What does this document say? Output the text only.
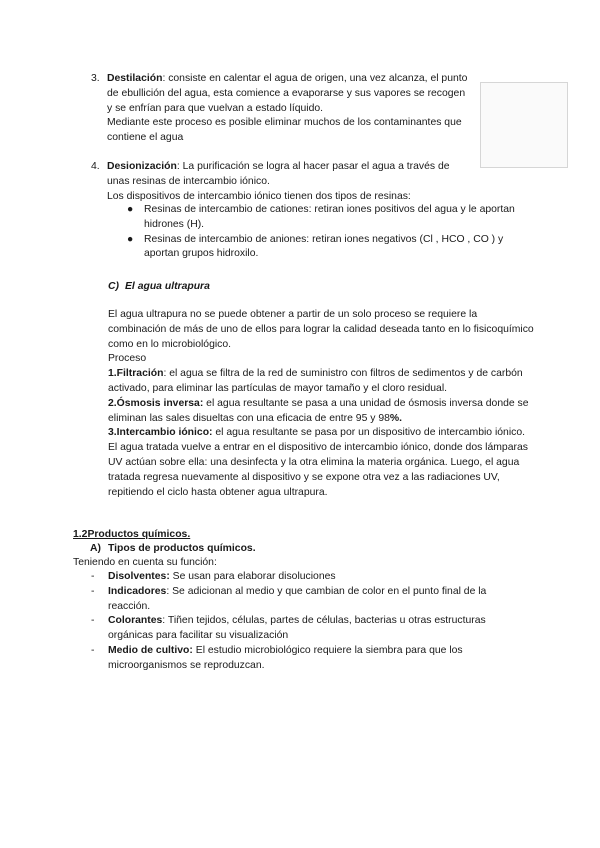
3. Destilación: consiste en calentar el agua de origen, una vez alcanza, el punto de ebullición del agua, esta comience a evaporarse y sus vapores se recogen y se enfrían para que vuelvan a estado líquido.

Mediante este proceso es posible eliminar muchos de los contaminantes que contiene el agua

4. Desionización: La purificación se logra al hacer pasar el agua a través de unas resinas de intercambio iónico.

Los dispositivos de intercambio iónico tienen dos tipos de resinas:

● Resinas de intercambio de cationes: retiran iones positivos del agua y le aportan hidrones (H).
● Resinas de intercambio de aniones: retiran iones negativos (Cl , HCO , CO ) y aportan grupos hidroxilo.
C) El agua ultrapura

El agua ultrapura no se puede obtener a partir de un solo proceso se requiere la combinación de más de uno de ellos para lograr la calidad deseada tanto en lo fisicoquímico como en lo microbiológico.

Proceso

1.Filtración: el agua se filtra de la red de suministro con filtros de sedimentos y de carbón activado, para eliminar las partículas de mayor tamaño y el cloro residual.

2.Ósmosis inversa: el agua resultante se pasa a una unidad de ósmosis inversa donde se eliminan las sales disueltas con una eficacia de entre 95 y 98%.

3.Intercambio iónico: el agua resultante se pasa por un dispositivo de intercambio iónico.

El agua tratada vuelve a entrar en el dispositivo de intercambio iónico, donde dos lámparas UV actúan sobre ella: una desinfecta y la otra elimina la materia orgánica. Luego, el agua tratada regresa nuevamente al dispositivo y se expone otra vez a las radiaciones UV, repitiendo el ciclo hasta obtener agua ultrapura.

1.2Productos químicos.
A) Tipos de productos químicos.
Teniendo en cuenta su función:
- Disolventes: Se usan para elaborar disoluciones
- Indicadores: Se adicionan al medio y que cambian de color en el punto final de la reacción.
- Colorantes: Tiñen tejidos, células, partes de células, bacterias u otras estructuras orgánicas para facilitar su visualización
- Medio de cultivo: El estudio microbiológico requiere la siembra para que los microorganismos se reproduzcan.
